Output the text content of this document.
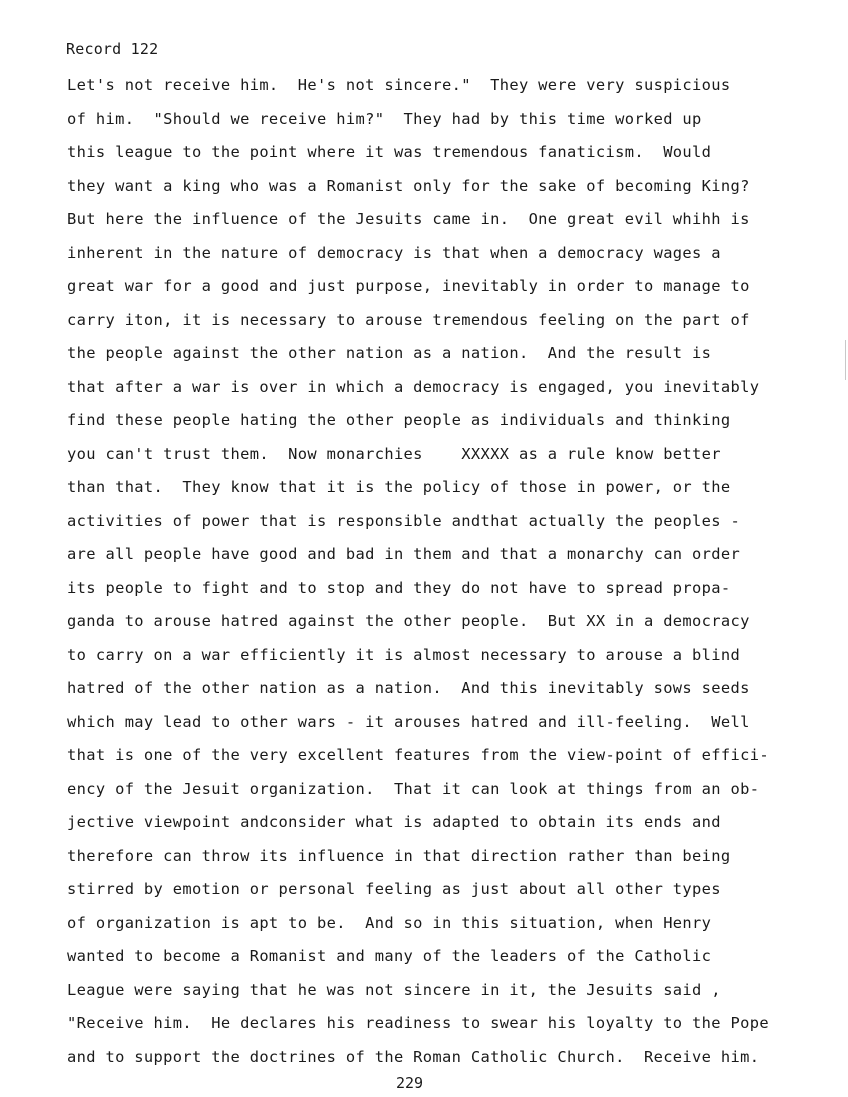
Record 122
Let's not receive him.  He's not sincere."  They were very suspicious
of him.  "Should we receive him?"  They had by this time worked up
this league to the point where it was tremendous fanaticism.  Would
they want a king who was a Romanist only for the sake of becoming King?
But here the influence of the Jesuits came in.  One great evil whihh is
inherent in the nature of democracy is that when a democracy wages a
great war for a good and just purpose, inevitably in order to manage to
carry iton, it is necessary to arouse tremendous feeling on the part of
the people against the other nation as a nation.  And the result is
that after a war is over in which a democracy is engaged, you inevitably
find these people hating the other people as individuals and thinking
you can't trust them.  Now monarchies    XXXXX as a rule know better
than that.  They know that it is the policy of those in power, or the
activities of power that is responsible andthat actually the peoples -
are all people have good and bad in them and that a monarchy can order
its people to fight and to stop and they do not have to spread propa-
ganda to arouse hatred against the other people.  But XX in a democracy
to carry on a war efficiently it is almost necessary to arouse a blind
hatred of the other nation as a nation.  And this inevitably sows seeds
which may lead to other wars - it arouses hatred and ill-feeling.  Well
that is one of the very excellent features from the view-point of effici-
ency of the Jesuit organization.  That it can look at things from an ob-
jective viewpoint andconsider what is adapted to obtain its ends and
therefore can throw its influence in that direction rather than being
stirred by emotion or personal feeling as just about all other types
of organization is apt to be.  And so in this situation, when Henry
wanted to become a Romanist and many of the leaders of the Catholic
League were saying that he was not sincere in it, the Jesuits said ,
"Receive him.  He declares his readiness to swear his loyalty to the Pope
and to support the doctrines of the Roman Catholic Church.  Receive him.
229
